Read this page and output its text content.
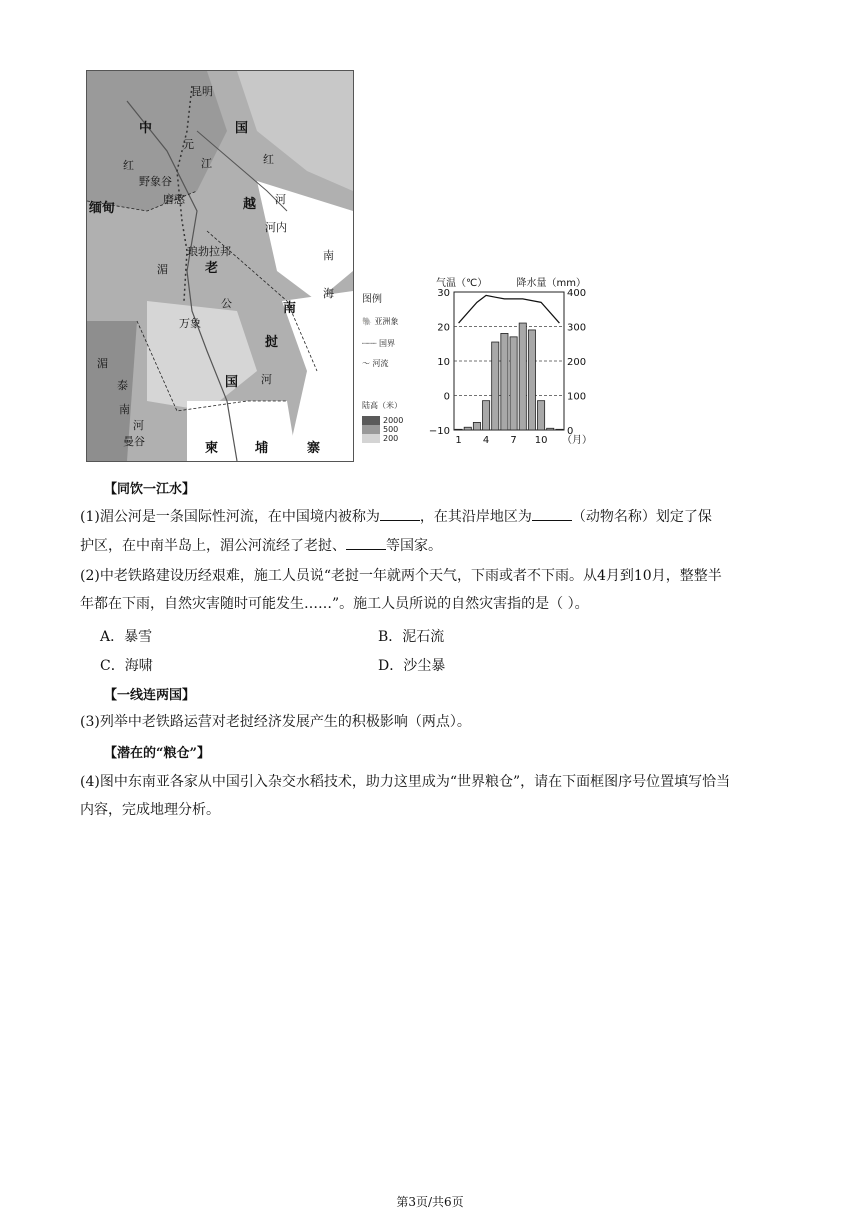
昆明
中	国
元
江	红
红
野象谷
磨憨
缅甸	越 河
河内
南
海
琅勃拉邦
老
湄
万象
公	南
挝
泰	国 河
曼谷	柬	埔	寨
湄
南
河
图例
🐘 亚洲象
┈┈┈ 国界
〜 河流
陆高（米）
2000
500
200
30
20
10
0
−10
400
300
200
100
0
1 4 7 10 （月）
气温（℃）	降水量（mm）
【同饮一江水】
(1)湄公河是一条国际性河流，在中国境内被称为	，在其沿岸地区为	（动物名称）划定了保
护区，在中南半岛上，湄公河流经了老挝、	等国家。
(2)中老铁路建设历经艰难，施工人员说“老挝一年就两个天气，下雨或者不下雨。从4月到10月，整整半
年都在下雨，自然灾害随时可能发生……”。施工人员所说的自然灾害指的是（ ）。
A．暴雪	B．泥石流
C．海啸	D．沙尘暴
【一线连两国】
(3)列举中老铁路运营对老挝经济发展产生的积极影响（两点）。
【潜在的“粮仓”】
(4)图中东南亚各家从中国引入杂交水稻技术，助力这里成为“世界粮仓”，请在下面框图序号位置填写恰当
内容，完成地理分析。
第3页/共6页
